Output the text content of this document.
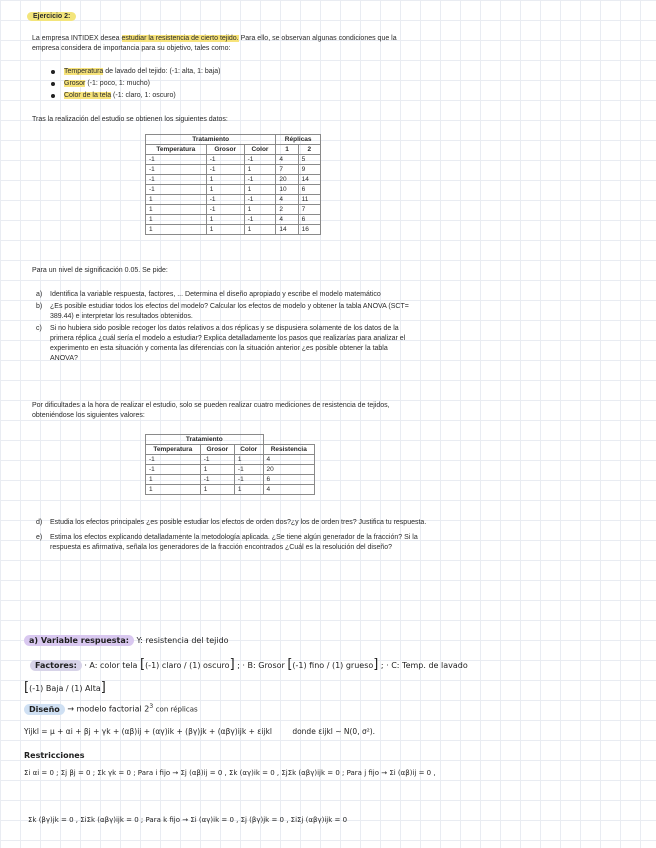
Ejercicio 2:

La empresa INTIDEX desea estudiar la resistencia de cierto tejido. Para ello, se observan algunas condiciones que la empresa considera de importancia para su objetivo, tales como:

Temperatura de lavado del tejido: (-1: alta, 1: baja)
Grosor (-1: poco, 1: mucho)
Color de la tela (-1: claro, 1: oscuro)

Tras la realización del estudio se obtienen los siguientes datos:

Tratamiento			Réplicas	
Temperatura	Grosor	Color	1	2
-1	-1	-1	4	5
-1	-1	1	7	9
-1	1	-1	20	14
-1	1	1	10	6
1	-1	-1	4	11
1	-1	1	2	7
1	1	-1	4	6
1	1	1	14	16

Para un nivel de significación 0.05. Se pide:

a) Identifica la variable respuesta, factores, ... Determina el diseño apropiado y escribe el modelo matemático
b) ¿Es posible estudiar todos los efectos del modelo? Calcular los efectos de modelo y obtener la tabla ANOVA (SCT= 389.44) e interpretar los resultados obtenidos.
c) Si no hubiera sido posible recoger los datos relativos a dos réplicas y se dispusiera solamente de los datos de la primera réplica ¿cuál sería el modelo a estudiar? Explica detalladamente los pasos que realizarías para analizar el experimento en esta situación y comenta las diferencias con la situación anterior ¿es posible obtener la tabla ANOVA?

Por dificultades a la hora de realizar el estudio, solo se pueden realizar cuatro mediciones de resistencia de tejidos, obteniéndose los siguientes valores:

Tratamiento			
Temperatura	Grosor	Color	Resistencia
-1	-1	1	4
-1	1	-1	20
1	-1	-1	6
1	1	1	4
d) Estudia los efectos principales ¿es posible estudiar los efectos de orden dos?¿y los de orden tres? Justifica tu respuesta.
e) Estima los efectos explicando detalladamente la metodología aplicada. ¿Se tiene algún generador de la fracción? Si la respuesta es afirmativa, señala los generadores de la fracción encontrados ¿Cuál es la resolución del diseño?
a) Variable respuesta: Y: resistencia del tejido
Factores: · A: color tela [(-1) claro / (1) oscuro] ; · B: Grosor [(-1) fino / (1) grueso] ; · C: Temp. de lavado
[(-1) Baja / (1) Alta]
Diseño → modelo factorial $2^3$ con réplicas
Yijkl = μ + αi + βj + γk + (αβ)ij + (αγ)ik + (βγ)jk + (αβγ)ijk + εijkl	donde εijkl ~ N(0, σ²).
Restricciones
Σi αi = 0 ; Σj βj = 0 ; Σk γk = 0 ; Para i fijo → Σj (αβ)ij = 0 , Σk (αγ)ik = 0 , ΣjΣk (αβγ)ijk = 0 ; Para j fijo → Σi (αβ)ij = 0 ,
Σk (βγ)jk = 0 , ΣiΣk (αβγ)ijk = 0 ; Para k fijo → Σi (αγ)ik = 0 , Σj (βγ)jk = 0 , ΣiΣj (αβγ)ijk = 0
